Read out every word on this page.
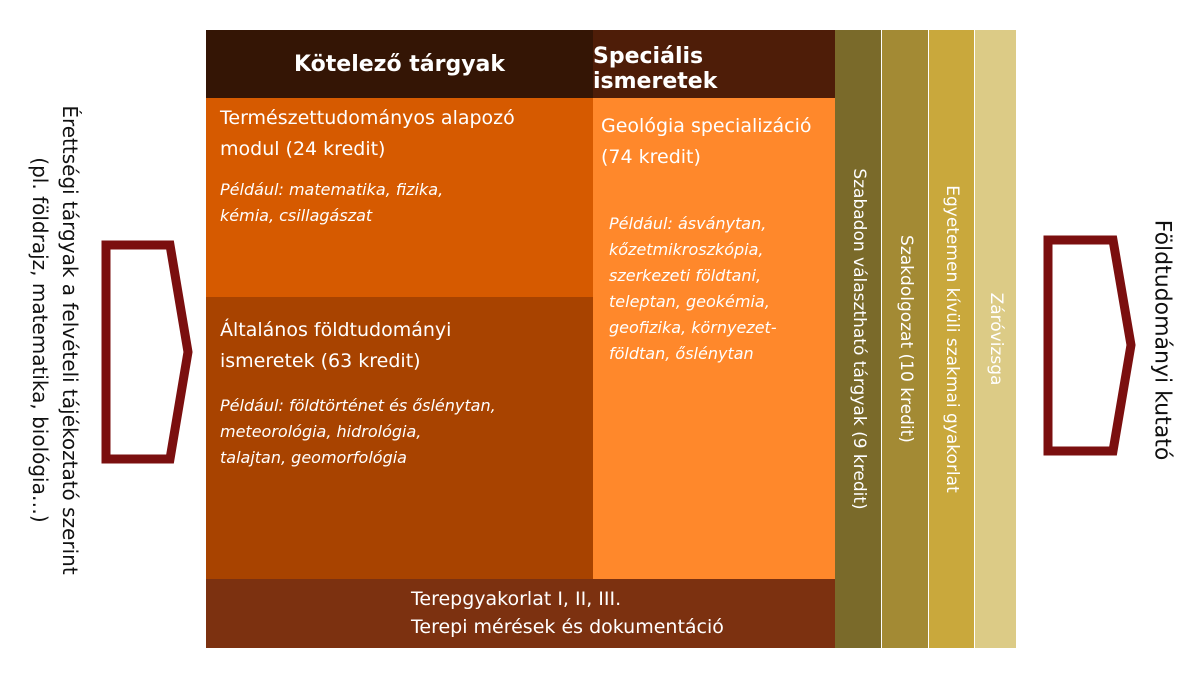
Érettségi tárgyak a felvételi tájékoztató szerint
(pl. földrajz, matematika, biológia…)
Kötelező tárgyak	Speciális ismeretek
Természettudományos alapozó
modul (24 kredit)
Például: matematika, fizika,
kémia, csillagászat
Általános földtudományi
ismeretek (63 kredit)
Például: földtörténet és őslénytan,
meteorológia, hidrológia,
talajtan, geomorfológia
Geológia specializáció
(74 kredit)
Például: ásványtan,
kőzetmikroszkópia,
szerkezeti földtani,
teleptan, geokémia,
geofizika, környezet-
földtan, őslénytan
Terepgyakorlat I, II, III.
Terepi mérések és dokumentáció
Szabadon választható tárgyak (9 kredit) Szakdolgozat (10 kredit) Egyetemen kívüli szakmai gyakorlat Záróvizsga	Földtudományi kutató
